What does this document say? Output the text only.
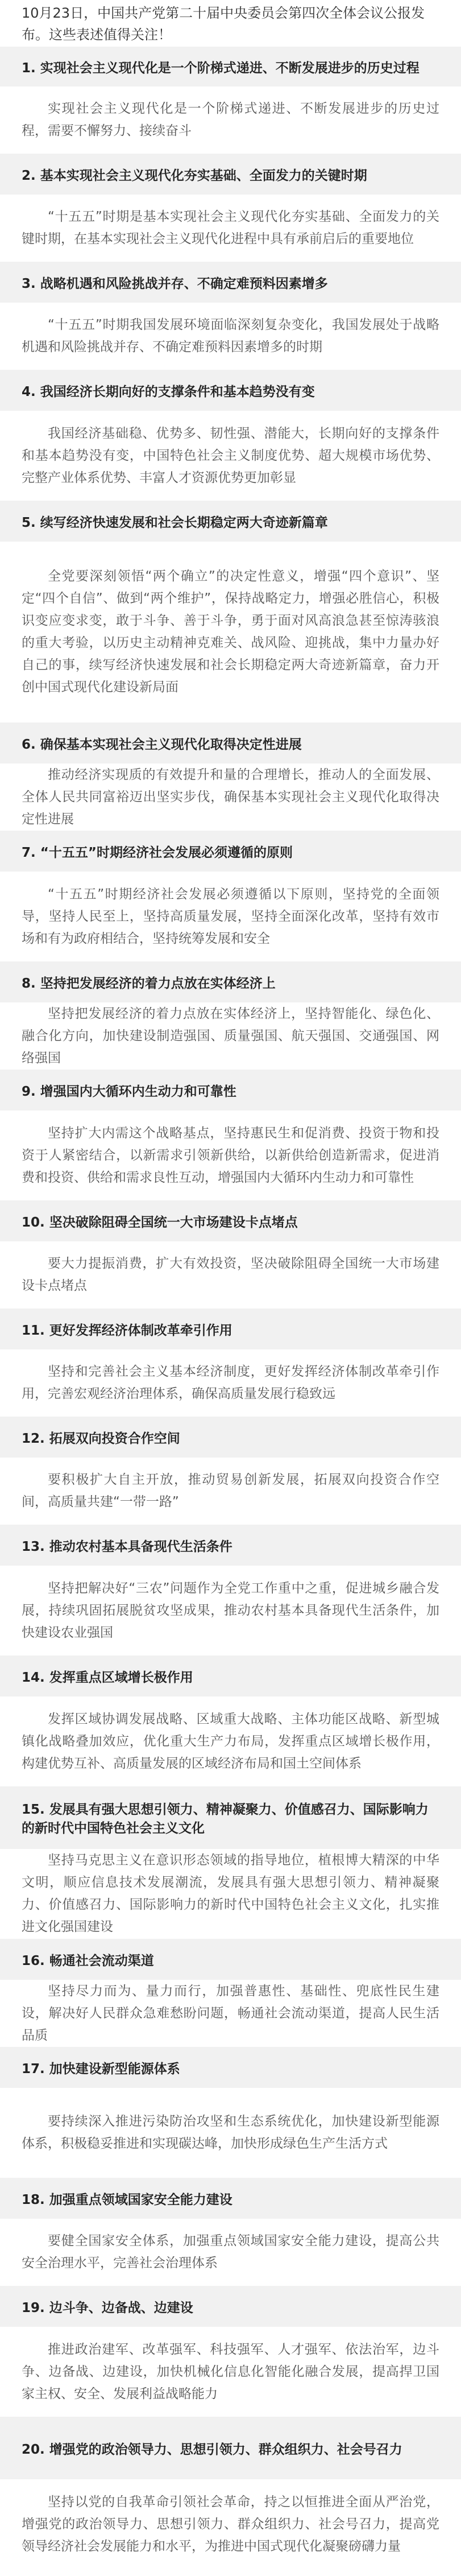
10月23日，中国共产党第二十届中央委员会第四次全体会议公报发布。这些表述值得关注！
1. 实现社会主义现代化是一个阶梯式递进、不断发展进步的历史过程
实现社会主义现代化是一个阶梯式递进、不断发展进步的历史过程，需要不懈努力、接续奋斗
2. 基本实现社会主义现代化夯实基础、全面发力的关键时期
“十五五”时期是基本实现社会主义现代化夯实基础、全面发力的关键时期，在基本实现社会主义现代化进程中具有承前启后的重要地位
3. 战略机遇和风险挑战并存、不确定难预料因素增多
“十五五”时期我国发展环境面临深刻复杂变化，我国发展处于战略机遇和风险挑战并存、不确定难预料因素增多的时期
4. 我国经济长期向好的支撑条件和基本趋势没有变
我国经济基础稳、优势多、韧性强、潜能大，长期向好的支撑条件和基本趋势没有变，中国特色社会主义制度优势、超大规模市场优势、完整产业体系优势、丰富人才资源优势更加彰显
5. 续写经济快速发展和社会长期稳定两大奇迹新篇章
全党要深刻领悟“两个确立”的决定性意义，增强“四个意识”、坚定“四个自信”、做到“两个维护”，保持战略定力，增强必胜信心，积极识变应变求变，敢于斗争、善于斗争，勇于面对风高浪急甚至惊涛骇浪的重大考验，以历史主动精神克难关、战风险、迎挑战，集中力量办好自己的事，续写经济快速发展和社会长期稳定两大奇迹新篇章，奋力开创中国式现代化建设新局面
6. 确保基本实现社会主义现代化取得决定性进展
推动经济实现质的有效提升和量的合理增长，推动人的全面发展、全体人民共同富裕迈出坚实步伐，确保基本实现社会主义现代化取得决定性进展
7. “十五五”时期经济社会发展必须遵循的原则
“十五五”时期经济社会发展必须遵循以下原则，坚持党的全面领导，坚持人民至上，坚持高质量发展，坚持全面深化改革，坚持有效市场和有为政府相结合，坚持统筹发展和安全
8. 坚持把发展经济的着力点放在实体经济上
坚持把发展经济的着力点放在实体经济上，坚持智能化、绿色化、融合化方向，加快建设制造强国、质量强国、航天强国、交通强国、网络强国
9. 增强国内大循环内生动力和可靠性
坚持扩大内需这个战略基点，坚持惠民生和促消费、投资于物和投资于人紧密结合，以新需求引领新供给，以新供给创造新需求，促进消费和投资、供给和需求良性互动，增强国内大循环内生动力和可靠性
10. 坚决破除阻碍全国统一大市场建设卡点堵点
要大力提振消费，扩大有效投资，坚决破除阻碍全国统一大市场建设卡点堵点
11. 更好发挥经济体制改革牵引作用
坚持和完善社会主义基本经济制度，更好发挥经济体制改革牵引作用，完善宏观经济治理体系，确保高质量发展行稳致远
12. 拓展双向投资合作空间
要积极扩大自主开放，推动贸易创新发展，拓展双向投资合作空间，高质量共建“一带一路”
13. 推动农村基本具备现代生活条件
坚持把解决好“三农”问题作为全党工作重中之重，促进城乡融合发展，持续巩固拓展脱贫攻坚成果，推动农村基本具备现代生活条件，加快建设农业强国
14. 发挥重点区域增长极作用
发挥区域协调发展战略、区域重大战略、主体功能区战略、新型城镇化战略叠加效应，优化重大生产力布局，发挥重点区域增长极作用，构建优势互补、高质量发展的区域经济布局和国土空间体系
15. 发展具有强大思想引领力、精神凝聚力、价值感召力、国际影响力的新时代中国特色社会主义文化
坚持马克思主义在意识形态领域的指导地位，植根博大精深的中华文明，顺应信息技术发展潮流，发展具有强大思想引领力、精神凝聚力、价值感召力、国际影响力的新时代中国特色社会主义文化，扎实推进文化强国建设
16. 畅通社会流动渠道
坚持尽力而为、量力而行，加强普惠性、基础性、兜底性民生建设，解决好人民群众急难愁盼问题，畅通社会流动渠道，提高人民生活品质
17. 加快建设新型能源体系
要持续深入推进污染防治攻坚和生态系统优化，加快建设新型能源体系，积极稳妥推进和实现碳达峰，加快形成绿色生产生活方式
18. 加强重点领域国家安全能力建设
要健全国家安全体系，加强重点领域国家安全能力建设，提高公共安全治理水平，完善社会治理体系
19. 边斗争、边备战、边建设
推进政治建军、改革强军、科技强军、人才强军、依法治军，边斗争、边备战、边建设，加快机械化信息化智能化融合发展，提高捍卫国家主权、安全、发展利益战略能力
20. 增强党的政治领导力、思想引领力、群众组织力、社会号召力
坚持以党的自我革命引领社会革命，持之以恒推进全面从严治党，增强党的政治领导力、思想引领力、群众组织力、社会号召力，提高党领导经济社会发展能力和水平，为推进中国式现代化凝聚磅礴力量
